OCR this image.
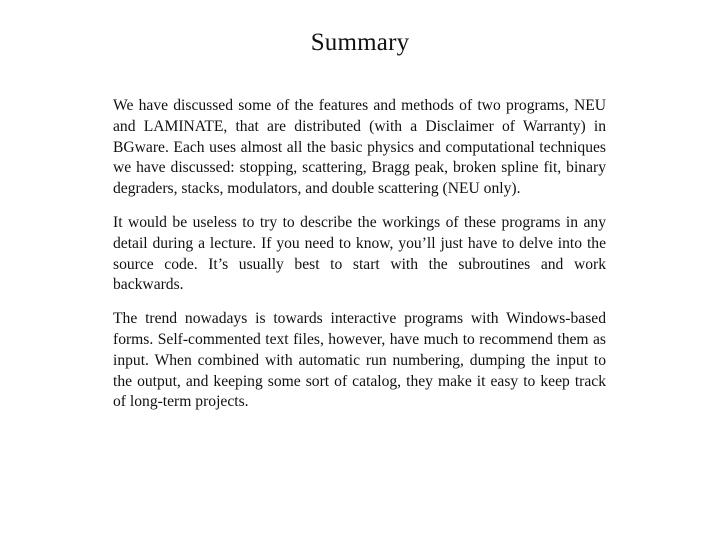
Summary

We have discussed some of the features and methods of two programs, NEU and LAMINATE, that are distributed (with a Disclaimer of Warranty) in BGware. Each uses almost all the basic physics and computational techniques we have discussed: stopping, scattering, Bragg peak, broken spline fit, binary degraders, stacks, modulators, and double scattering (NEU only).

It would be useless to try to describe the workings of these programs in any detail during a lecture. If you need to know, you’ll just have to delve into the source code. It’s usually best to start with the subroutines and work backwards.

The trend nowadays is towards interactive programs with Windows-based forms. Self-commented text files, however, have much to recommend them as input. When combined with automatic run numbering, dumping the input to the output, and keeping some sort of catalog, they make it easy to keep track of long-term projects.
